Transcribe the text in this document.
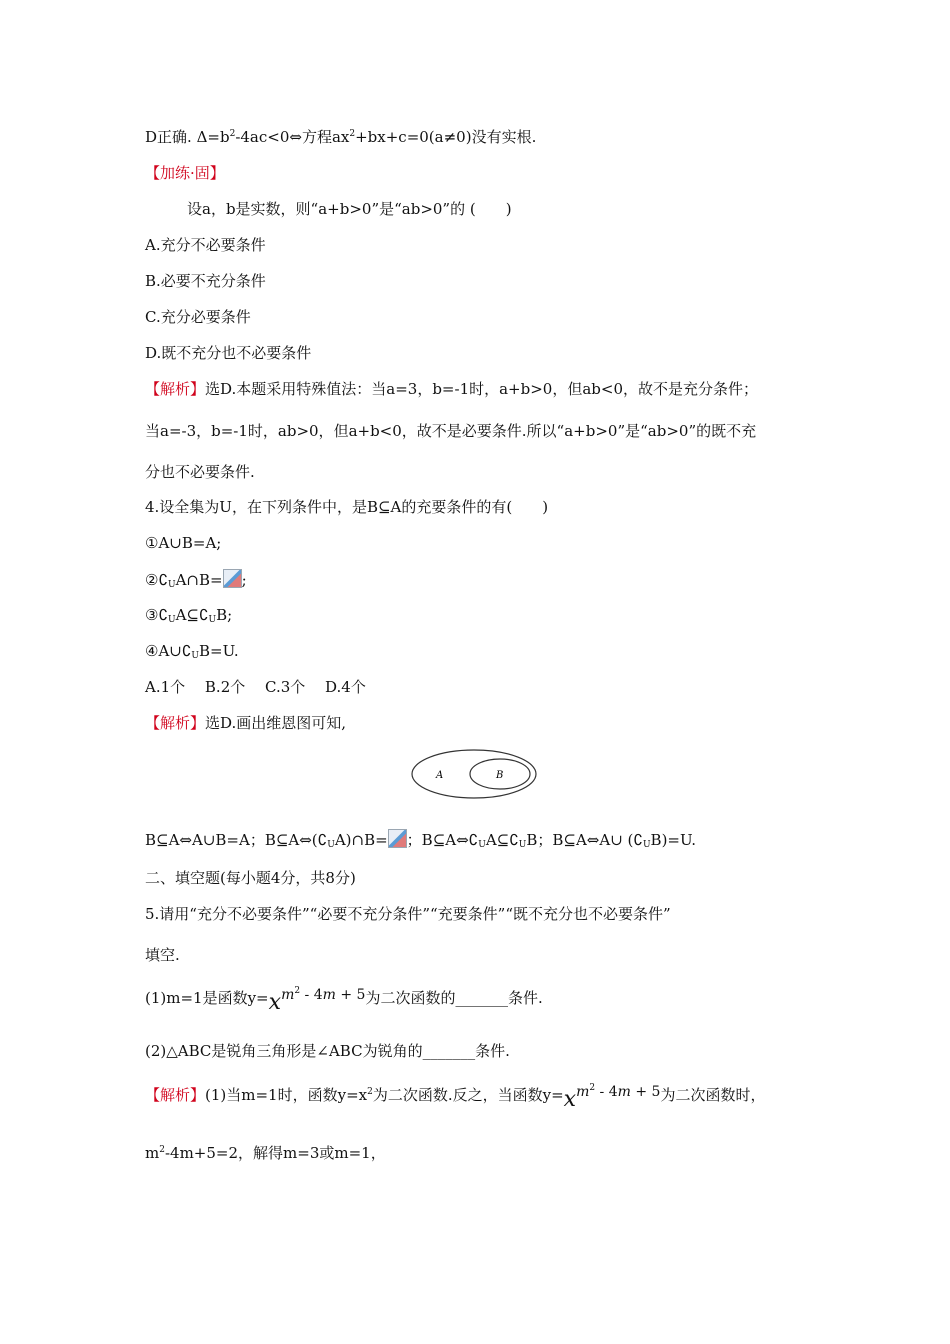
D正确. $\Delta=b^2-4ac<0\Leftrightarrow$方程$ax^2+bx+c=0(a\ne 0)$没有实根.
【加练·固】
设a，b是实数，则“a+b>0”是“ab>0”的 (　　)
A.充分不必要条件
B.必要不充分条件
C.充分必要条件
D.既不充分也不必要条件
【解析】选D.本题采用特殊值法：当a=3，b=-1时，a+b>0，但ab<0，故不是充分条件；
当a=-3，b=-1时，ab>0，但a+b<0，故不是必要条件.所以“a+b>0”是“ab>0”的既不充
分也不必要条件.
4.设全集为U，在下列条件中，是B⊆A的充要条件的有(　　)
①A∪B=A;
$②∁_UA\cap B=$ ;
$③∁_UA⊆∁_UB$;
$④A\cup∁_UB=U$.
A.1个　 B.2个　 C.3个　 D.4个
【解析】选D.画出维恩图可知,
A	B
B⊆A⇔A∪B=A；$B⊆A\Leftrightarrow(∁_UA)\cap B=$ ；$B⊆A\Leftrightarrow∁_UA⊆∁_UB$；B⊆A⇔A∪ $(∁_UB)=U$.
二、填空题(每小题4分，共8分)
5.请用“充分不必要条件”“必要不充分条件”“充要条件”“既不充分也不必要条件”
填空.
(1)m=1是函数$y=xm^2 - 4m + 5$为二次函数的_______条件.
(2)△ABC是锐角三角形是∠ABC为锐角的_______条件.
【解析】(1)当m=1时，函数$y=x^2$为二次函数.反之，当函数$y=xm^2 - 4m + 5$为二次函数时，
$m^2-4m+5=2$，解得m=3或m=1，
